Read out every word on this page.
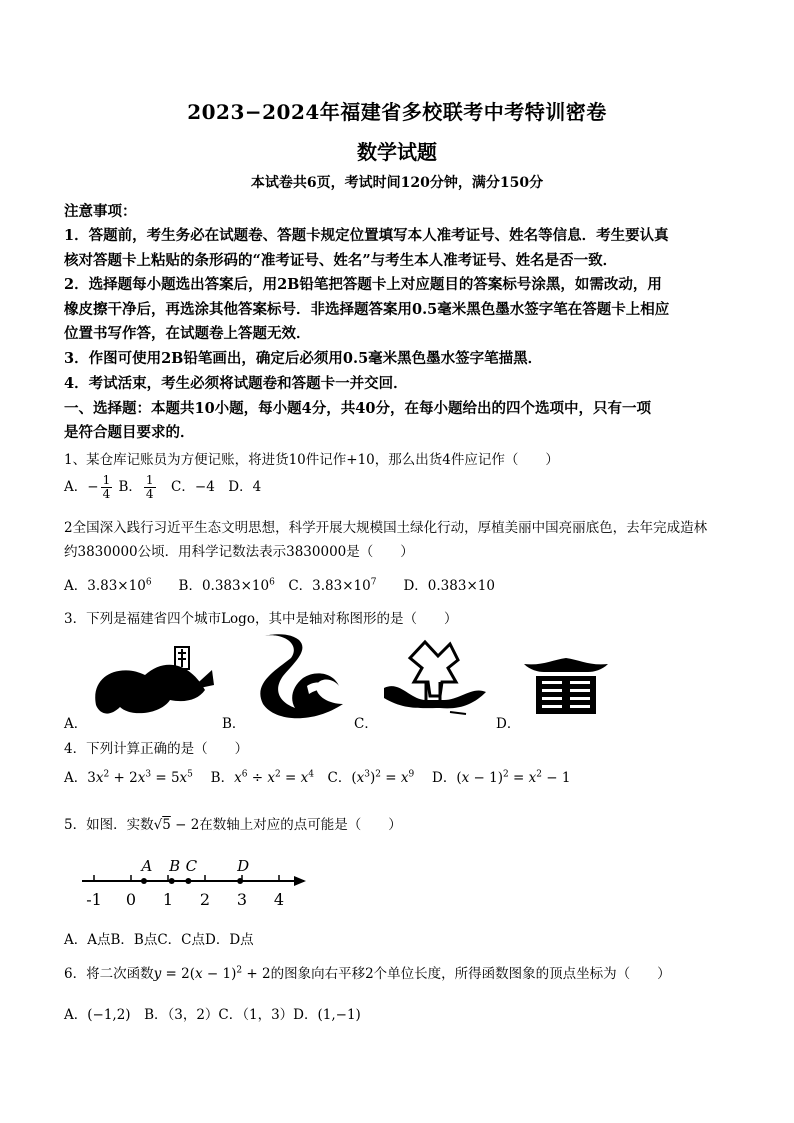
2023−2024年福建省多校联考中考特训密卷
数学试题
本试卷共6页，考试时间120分钟，满分150分
注意事项：
1．答题前，考生务必在试题卷、答题卡规定位置填写本人准考证号、姓名等信息．考生要认真
核对答题卡上粘贴的条形码的“准考证号、姓名”与考生本人准考证号、姓名是否一致．
2．选择题每小题选出答案后，用2B铅笔把答题卡上对应题目的答案标号涂黑，如需改动，用
橡皮擦干净后，再选涂其他答案标号．非选择题答案用0.5毫米黑色墨水签字笔在答题卡上相应
位置书写作答，在试题卷上答题无效．
3．作图可使用2B铅笔画出，确定后必须用0.5毫米黑色墨水签字笔描黑．
4．考试活束，考生必须将试题卷和答题卡一并交回．
一、选择题：本题共10小题，每小题4分，共40分，在每小题给出的四个选项中，只有一项
是符合题目要求的．
1、某仓库记账员为方便记账，将进货10件记作+10，那么出货4件应记作（　　）
A．− $\frac{1}{4}$ B． $\frac{1}{4}$ 　C．−4　D．4
2全国深入践行习近平生态文明思想，科学开展大规模国土绿化行动，厚植美丽中国亮丽底色，去年完成造林
约3830000公顷．用科学记数法表示3830000是（　　）
A．$3.83\times 10^6$　　B．$0.383\times 10^6$　C．$3.83\times 10^7$　　D．0.383×10
3．下列是福建省四个城市Logo，其中是轴对称图形的是（　　）
A．	B．	C．	D．
4．下列计算正确的是（　　）
A．$3x^2 + 2x^3 = 5x^5$　 B．$x^6 \div x^2 = x^4$　C．$(x^3)^2 = x^9$　 D．$(x - 1)^2 = x^2 - 1$
5．如图．实数√5 − 2在数轴上对应的点可能是（　　）
-1 0 1 2 3 4
A B C	D
A．A点B．B点C．C点D．D点
6．将二次函数$y = 2(x - 1)^2 + 2$的图象向右平移2个单位长度，所得函数图象的顶点坐标为（　　）
A．(−1,2)　B．（3，2）C．（1，3）D．(1,−1)
